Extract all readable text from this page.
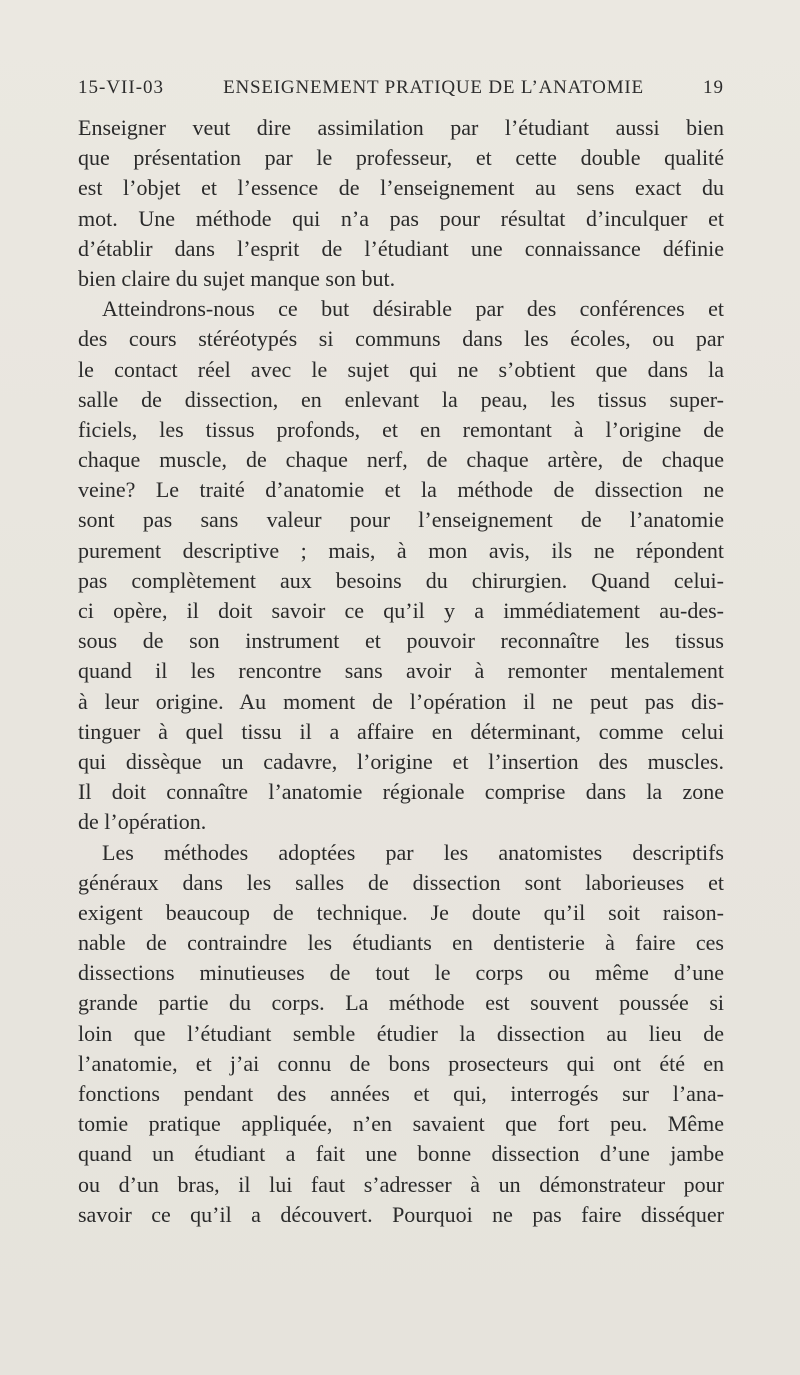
15-VII-03	ENSEIGNEMENT PRATIQUE DE L’ANATOMIE	19
Enseigner veut dire assimilation par l’étudiant aussi bien
que présentation par le professeur, et cette double qualité
est l’objet et l’essence de l’enseignement au sens exact du
mot. Une méthode qui n’a pas pour résultat d’inculquer et
d’établir dans l’esprit de l’étudiant une connaissance définie
bien claire du sujet manque son but.
Atteindrons-nous ce but désirable par des conférences et
des cours stéréotypés si communs dans les écoles, ou par
le contact réel avec le sujet qui ne s’obtient que dans la
salle de dissection, en enlevant la peau, les tissus super-
ficiels, les tissus profonds, et en remontant à l’origine de
chaque muscle, de chaque nerf, de chaque artère, de chaque
veine? Le traité d’anatomie et la méthode de dissection ne
sont pas sans valeur pour l’enseignement de l’anatomie
purement descriptive ; mais, à mon avis, ils ne répondent
pas complètement aux besoins du chirurgien. Quand celui-
ci opère, il doit savoir ce qu’il y a immédiatement au-des-
sous de son instrument et pouvoir reconnaître les tissus
quand il les rencontre sans avoir à remonter mentalement
à leur origine. Au moment de l’opération il ne peut pas dis-
tinguer à quel tissu il a affaire en déterminant, comme celui
qui dissèque un cadavre, l’origine et l’insertion des muscles.
Il doit connaître l’anatomie régionale comprise dans la zone
de l’opération.
Les méthodes adoptées par les anatomistes descriptifs
généraux dans les salles de dissection sont laborieuses et
exigent beaucoup de technique. Je doute qu’il soit raison-
nable de contraindre les étudiants en dentisterie à faire ces
dissections minutieuses de tout le corps ou même d’une
grande partie du corps. La méthode est souvent poussée si
loin que l’étudiant semble étudier la dissection au lieu de
l’anatomie, et j’ai connu de bons prosecteurs qui ont été en
fonctions pendant des années et qui, interrogés sur l’ana-
tomie pratique appliquée, n’en savaient que fort peu. Même
quand un étudiant a fait une bonne dissection d’une jambe
ou d’un bras, il lui faut s’adresser à un démonstrateur pour
savoir ce qu’il a découvert. Pourquoi ne pas faire disséquer
